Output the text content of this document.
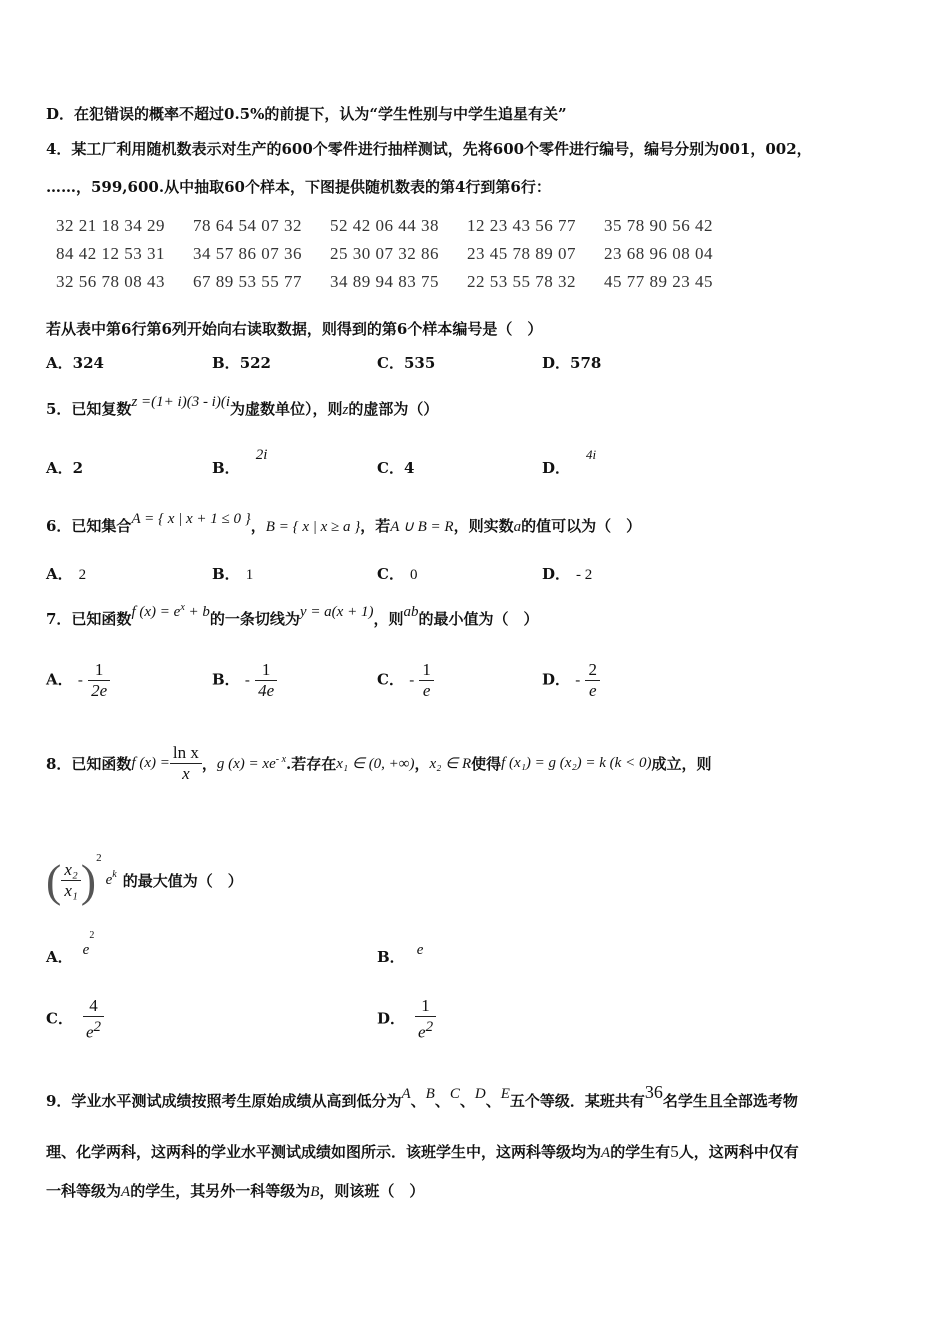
D．在犯错误的概率不超过0.5%的前提下，认为“学生性别与中学生追星有关”
4．某工厂利用随机数表示对生产的600个零件进行抽样测试，先将600个零件进行编号，编号分别为001，002，
……，599,600.从中抽取60个样本，下图提供随机数表的第4行到第6行：
32 21 18 34 29 78 64 54 07 32 52 42 06 44 38 12 23 43 56 77 35 78 90 56 42
84 42 12 53 31 34 57 86 07 36 25 30 07 32 86 23 45 78 89 07 23 68 96 08 04
32 56 78 08 43 67 89 53 55 77 34 89 94 83 75 22 53 55 78 32 45 77 89 23 45
若从表中第6行第6列开始向右读取数据，则得到的第6个样本编号是（　）
A．324	B．522	C．535	D．578
5．已知复数z =(1+ i)(3 - i)(i为虚数单位），则z的虚部为（）
A．2	B．2i
C．4	D．4i
6．已知集合A = { x | x + 1 ≤ 0 }，B = { x | x ≥ a }，若A ∪ B = R，则实数a的值可以为（　）
A． 2	B． 1	C． 0	D． - 2
7．已知函数f $(x) = e^x + b$的一条切线为y = a(x + 1)，则ab的最小值为（　）
A． - $\frac{1}{2e}$	B． - $\frac{1}{4e}$	C． - $\frac{1}{e}$	D． - $\frac{2}{e}$
8．已知函数 f $(x) = \frac{\text{ln x}}{x}$ ， g $(x) = xe^{- x}$ .若存在 x₁ ∈ (0, +∞) ， x₂ ∈ R 使得 f (x₁) = g (x₂) = k (k < 0) 成立，则
( $\frac{\text{x₂}}{\text{x₁}} )^2$
$e^k$ 的最大值为（　）
A． $e^2$
B． e
C． $\frac{4}{e^2}$	D． $\frac{1}{e^2}$
9．学业水平测试成绩按照考生原始成绩从高到低分为A、B、C、D、E五个等级．某班共有36名学生且全部选考物
理、化学两科，这两科的学业水平测试成绩如图所示．该班学生中，这两科等级均为A的学生有5人，这两科中仅有
一科等级为A的学生，其另外一科等级为B，则该班（　）
